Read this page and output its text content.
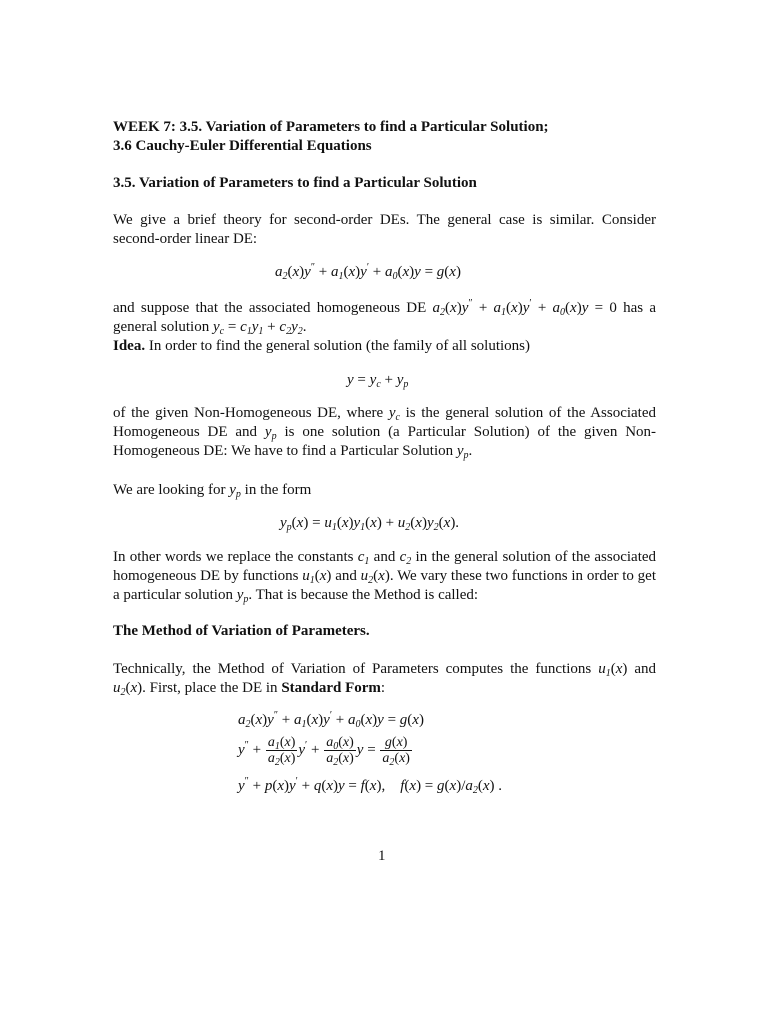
WEEK 7: 3.5. Variation of Parameters to find a Particular Solution;
3.6 Cauchy-Euler Differential Equations
3.5. Variation of Parameters to find a Particular Solution
We give a brief theory for second-order DEs. The general case is similar. Consider second-order linear DE:
$a_2(x)y'' + a_1(x)y' + a_0(x)y = g(x)$
and suppose that the associated homogeneous DE $a_2(x)y'' + a_1(x)y' + a_0(x)y = 0$ has a general solution $y_c = c_1y_1 + c_2y_2$.
Idea. In order to find the general solution (the family of all solutions)
$y = y_c + y_p$
of the given Non-Homogeneous DE, where $y_c$ is the general solution of the Associated Homogeneous DE and $y_p$ is one solution (a Particular Solution) of the given Non-Homogeneous DE: We have to find a Particular Solution $y_p$.
We are looking for $y_p$ in the form
$y_p(x) = u_1(x)y_1(x) + u_2(x)y_2(x)$.
In other words we replace the constants $c_1$ and $c_2$ in the general solution of the associated homogeneous DE by functions $u_1(x)$ and $u_2(x)$. We vary these two functions in order to get a particular solution $y_p$. That is because the Method is called:
The Method of Variation of Parameters.
Technically, the Method of Variation of Parameters computes the functions $u_1(x)$ and $u_2(x)$. First, place the DE in Standard Form:
$a_2(x)y'' + a_1(x)y' + a_0(x)y = g(x)$
$y'' + \frac{a_1(x)}{a_2(x)} y' + \frac{a_0(x)}{a_2(x)}$ $y = \frac{g(x)}{a_2(x)}$
y″ + p(x)y′ + q(x)y = f(x),    $f(x) = g(x)/a_2(x)$ .
1
